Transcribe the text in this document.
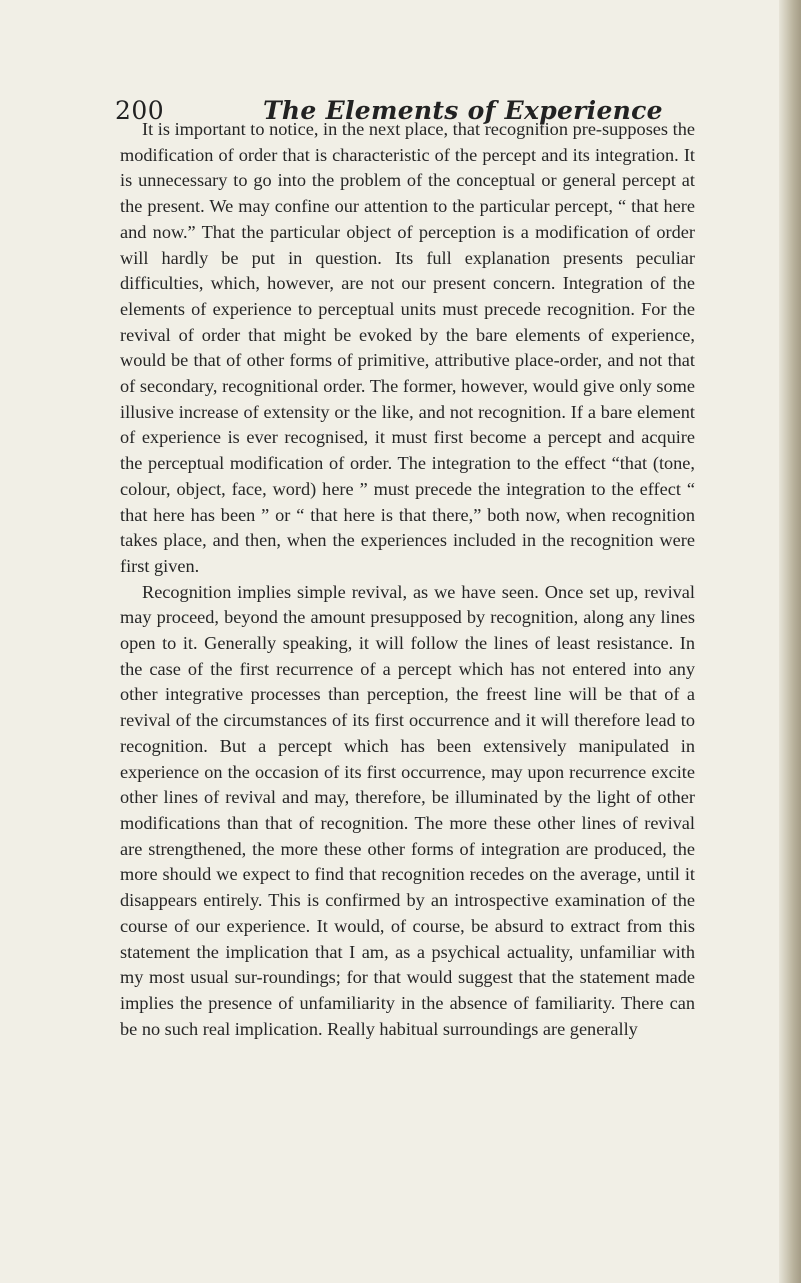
200	The Elements of Experience

It is important to notice, in the next place, that recognition pre-supposes the modification of order that is characteristic of the percept and its integration. It is unnecessary to go into the problem of the conceptual or general percept at the present. We may confine our attention to the particular percept, “ that here and now.” That the particular object of perception is a modification of order will hardly be put in question. Its full explanation presents peculiar difficulties, which, however, are not our present concern. Integration of the elements of experience to perceptual units must precede recognition. For the revival of order that might be evoked by the bare elements of experience, would be that of other forms of primitive, attributive place-order, and not that of secondary, recognitional order. The former, however, would give only some illusive increase of extensity or the like, and not recognition. If a bare element of experience is ever recognised, it must first become a percept and acquire the perceptual modification of order. The integration to the effect “that (tone, colour, object, face, word) here ” must precede the integration to the effect “ that here has been ” or “ that here is that there,” both now, when recognition takes place, and then, when the experiences included in the recognition were first given.

Recognition implies simple revival, as we have seen. Once set up, revival may proceed, beyond the amount presupposed by recognition, along any lines open to it. Generally speaking, it will follow the lines of least resistance. In the case of the first recurrence of a percept which has not entered into any other integrative processes than perception, the freest line will be that of a revival of the circumstances of its first occurrence and it will therefore lead to recognition. But a percept which has been extensively manipulated in experience on the occasion of its first occurrence, may upon recurrence excite other lines of revival and may, therefore, be illuminated by the light of other modifications than that of recognition. The more these other lines of revival are strengthened, the more these other forms of integration are produced, the more should we expect to find that recognition recedes on the average, until it disappears entirely. This is confirmed by an introspective examination of the course of our experience. It would, of course, be absurd to extract from this statement the implication that I am, as a psychical actuality, unfamiliar with my most usual sur-roundings; for that would suggest that the statement made implies the presence of unfamiliarity in the absence of familiarity. There can be no such real implication. Really habitual surroundings are generally
